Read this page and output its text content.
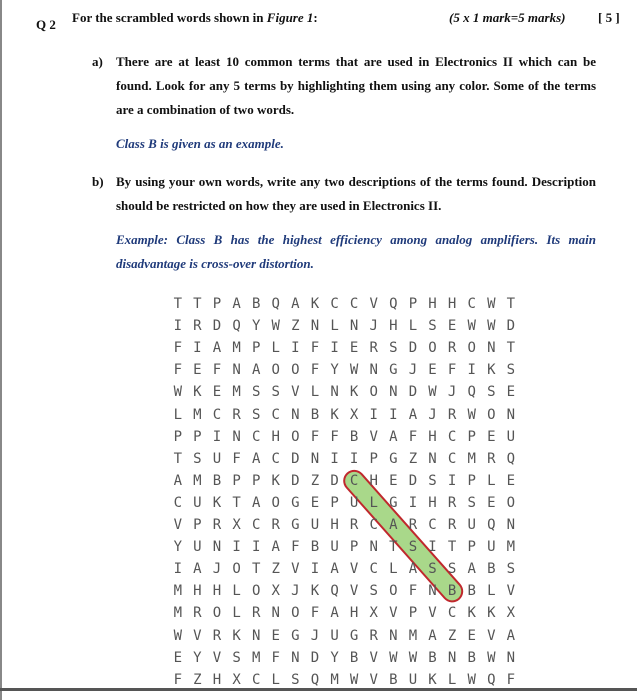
Q 2 For the scrambled words shown in Figure 1:	(5 x 1 mark=5 marks)	[ 5 ]
a) There are at least 10 common terms that are used in Electronics II which can be found. Look for any 5 terms by highlighting them using any color. Some of the terms are a combination of two words.
Class B is given as an example.
b) By using your own words, write any two descriptions of the terms found. Description should be restricted on how they are used in Electronics II.
Example: Class B has the highest efficiency among analog amplifiers. Its main disadvantage is cross-over distortion.
T T P A B Q A K C C V Q P H H C W T
I R D Q Y W Z N L N J H L S E W W D
F I A M P L I F I E R S D O R O N T
F E F N A O O F Y W N G J E F I K S
W K E M S S V L N K O N D W J Q S E
L M C R S C N B K X I I A J R W O N
P P I N C H O F F B V A F H C P E U
T S U F A C D N I I P G Z N C M R Q
A M B P P K D Z D C H E D S I P L E
C U K T A O G E P U L G I H R S E O
V P R X C R G U H R C A R C R U Q N
Y U N I I A F B U P N T S I T P U M
I A J O T Z V I A V C L A S S A B S
M H H L O X J K Q V S O F N B B L V
M R O L R N O F A H X V P V C K K X
W V R K N E G J U G R N M A Z E V A
E Y V S M F N D Y B V W W B N B W N
F Z H X C L S Q M W V B U K L W Q F
